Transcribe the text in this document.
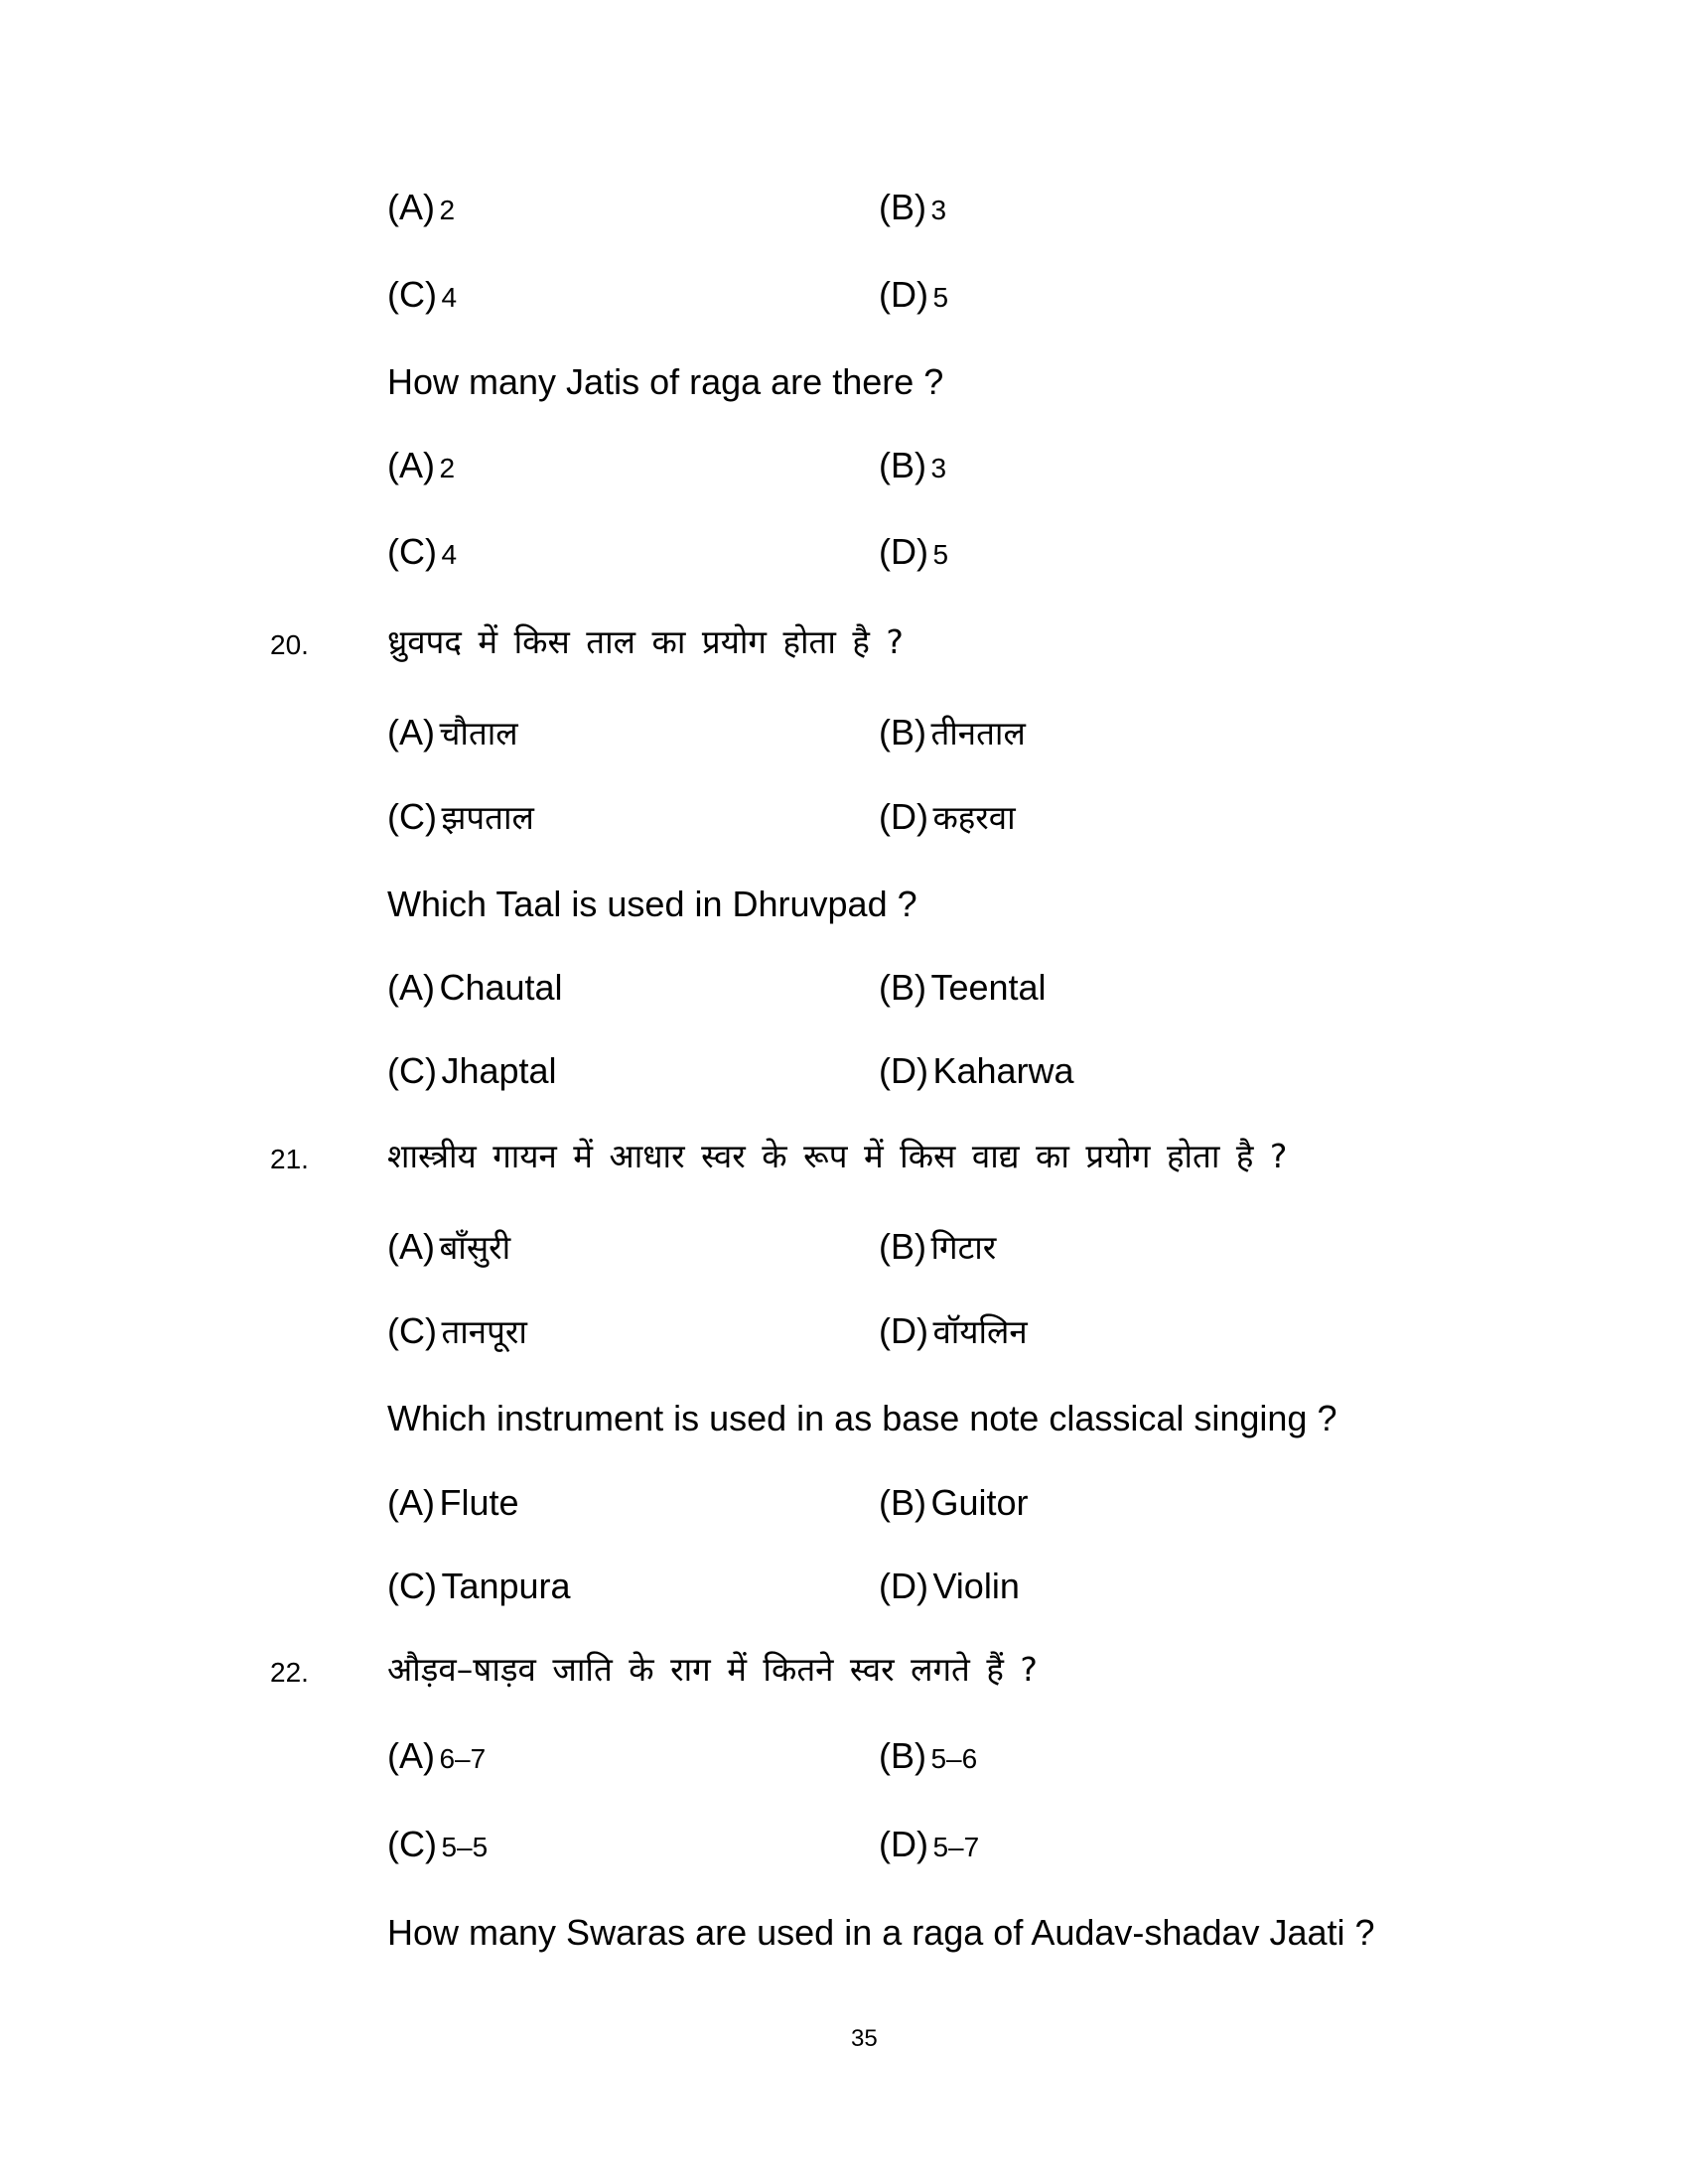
(A) 2	(B) 3
(C) 4	(D) 5
How many Jatis of raga are there ?
(A) 2	(B) 3
(C) 4	(D) 5
20. ध्रुवपद में किस ताल का प्रयोग होता है ?
(A) चौताल	(B) तीनताल
(C) झपताल	(D) कहरवा
Which Taal is used in Dhruvpad ?
(A) Chautal	(B) Teental
(C) Jhaptal	(D) Kaharwa
21. शास्त्रीय गायन में आधार स्वर के रूप में किस वाद्य का प्रयोग होता है ?
(A) बाँसुरी	(B) गिटार
(C) तानपूरा	(D) वॉयलिन
Which instrument is used in as base note classical singing ?
(A) Flute	(B) Guitor
(C) Tanpura	(D) Violin
22. औड़व–षाड़व जाति के राग में कितने स्वर लगते हैं ?
(A) 6–7	(B) 5–6
(C) 5–5	(D) 5–7
How many Swaras are used in a raga of Audav-shadav Jaati ?
35
